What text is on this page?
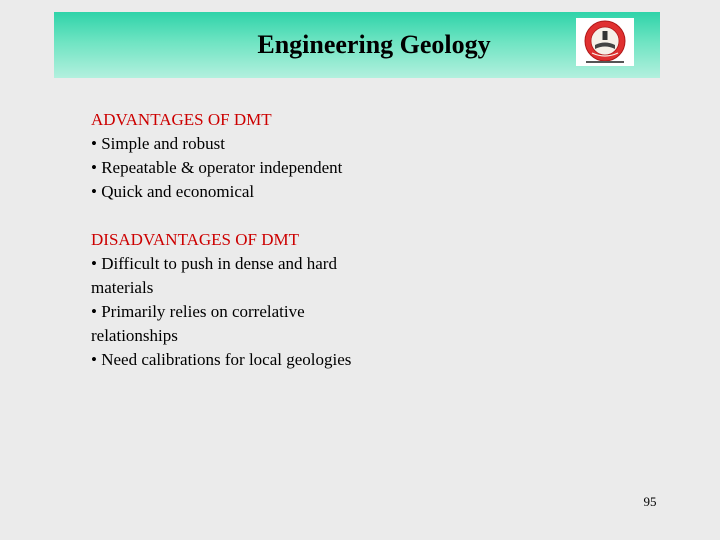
Engineering Geology
ADVANTAGES OF DMT
• Simple and robust
• Repeatable & operator independent
• Quick and economical
DISADVANTAGES OF DMT
• Difficult to push in dense and hard materials
• Primarily relies on correlative relationships
• Need calibrations for local geologies
95
